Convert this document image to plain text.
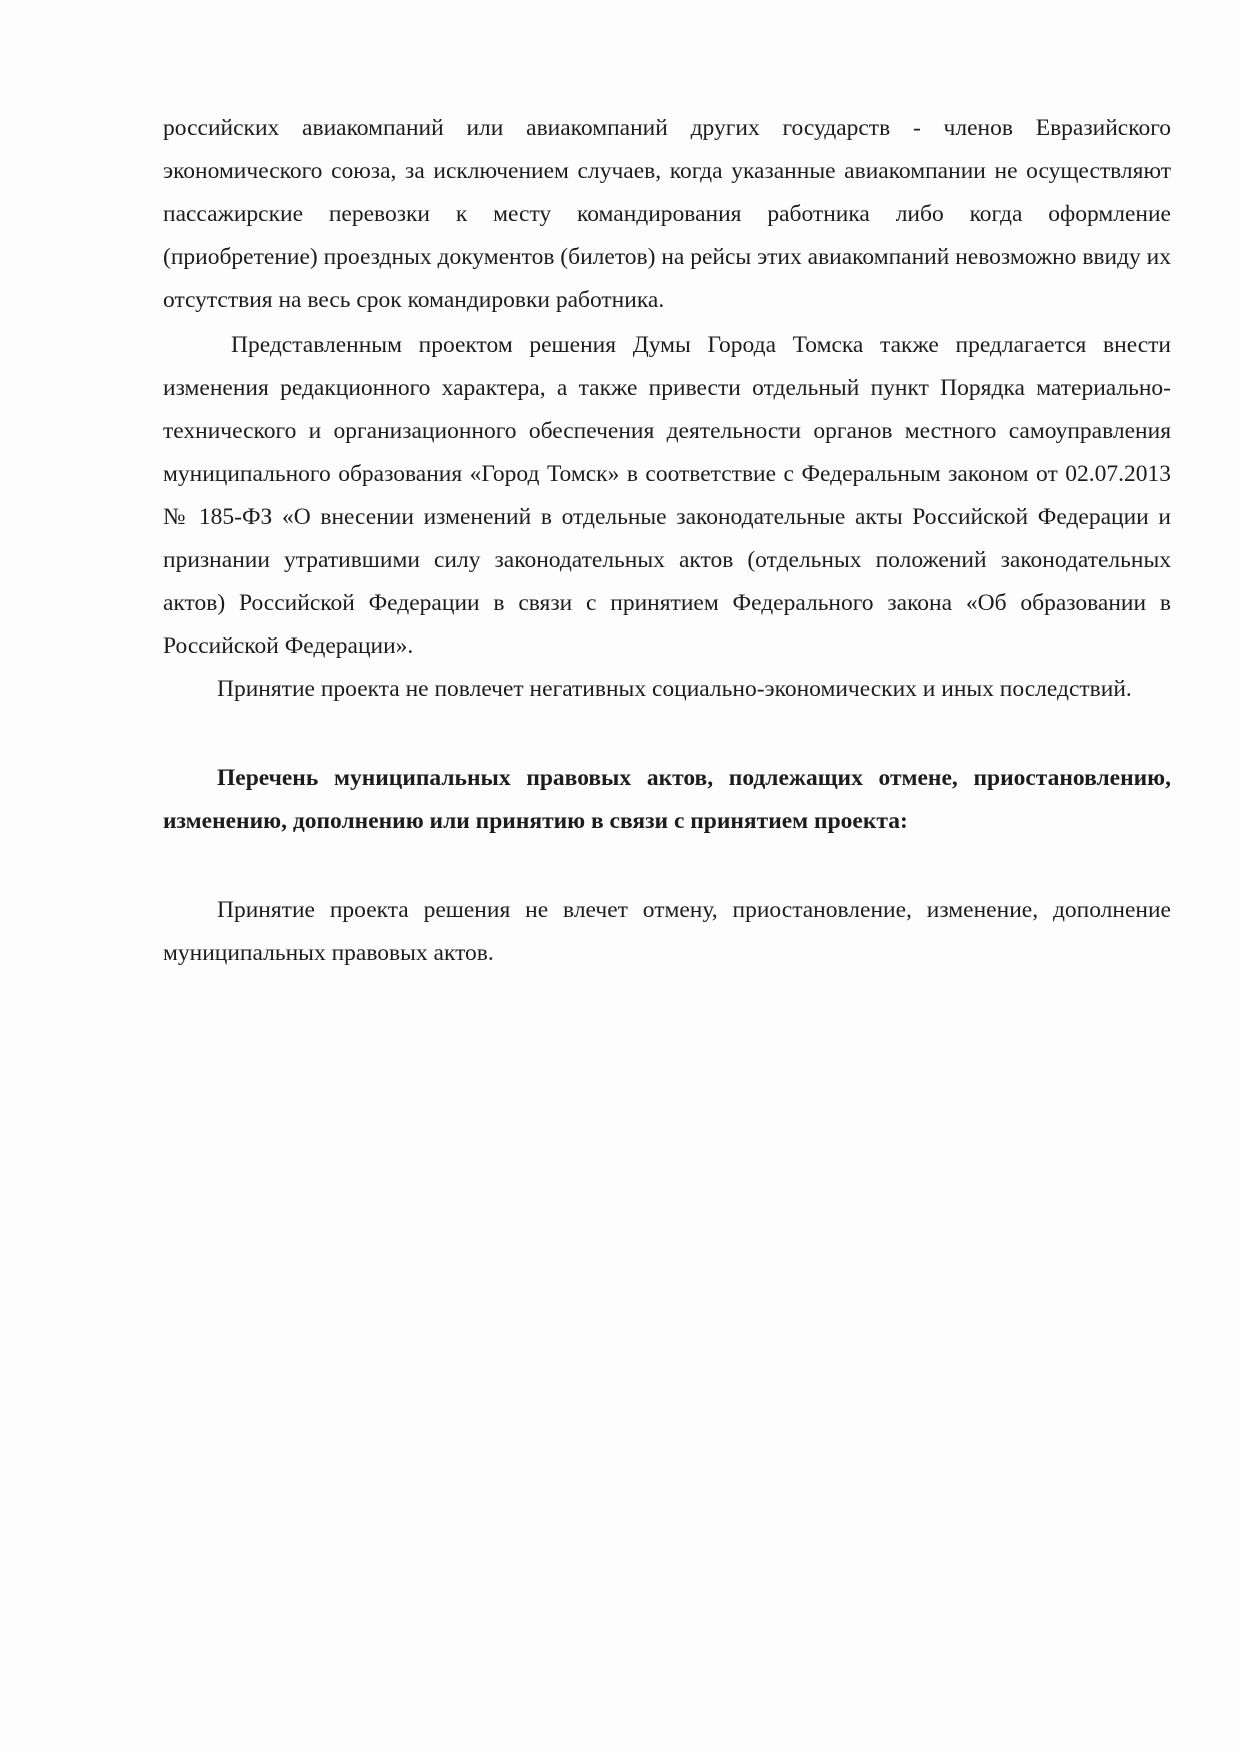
российских авиакомпаний или авиакомпаний других государств - членов Евразийского экономического союза, за исключением случаев, когда указанные авиакомпании не осуществляют пассажирские перевозки к месту командирования работника либо когда оформление (приобретение) проездных документов (билетов) на рейсы этих авиакомпаний невозможно ввиду их отсутствия на весь срок командировки работника.

Представленным проектом решения Думы Города Томска также предлагается внести изменения редакционного характера, а также привести отдельный пункт Порядка материально-технического и организационного обеспечения деятельности органов местного самоуправления муниципального образования «Город Томск» в соответствие с Федеральным законом от 02.07.2013 № 185-ФЗ «О внесении изменений в отдельные законодательные акты Российской Федерации и признании утратившими силу законодательных актов (отдельных положений законодательных актов) Российской Федерации в связи с принятием Федерального закона «Об образовании в Российской Федерации».

Принятие проекта не повлечет негативных социально-экономических и иных последствий.

Перечень муниципальных правовых актов, подлежащих отмене, приостановлению, изменению, дополнению или принятию в связи с принятием проекта:

Принятие проекта решения не влечет отмену, приостановление, изменение, дополнение муниципальных правовых актов.
